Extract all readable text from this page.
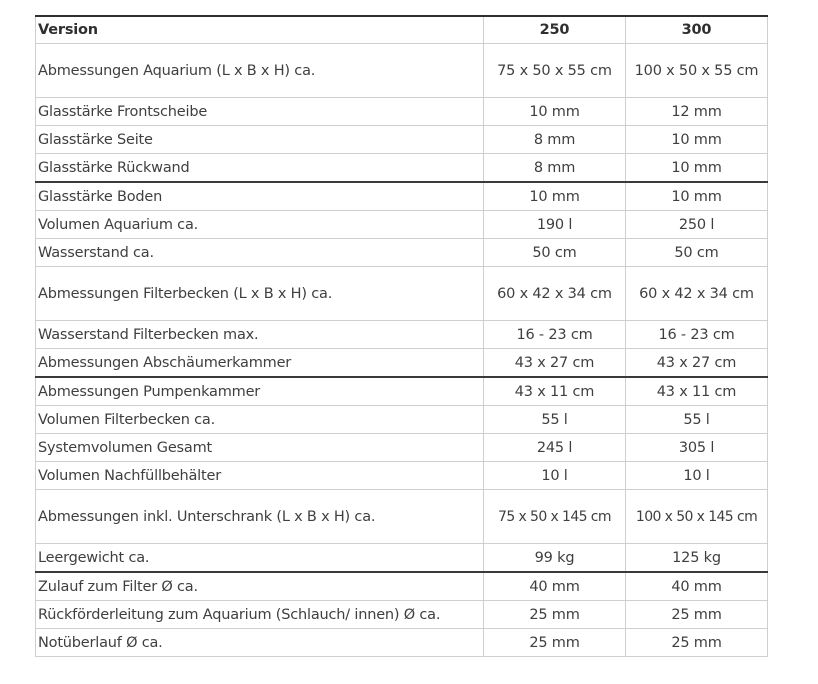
Version	250	300
Abmessungen Aquarium (L x B x H) ca.	75 x 50 x 55 cm	100 x 50 x 55 cm
Glasstärke Frontscheibe	10 mm	12 mm
Glasstärke Seite	8 mm	10 mm
Glasstärke Rückwand	8 mm	10 mm
Glasstärke Boden	10 mm	10 mm
Volumen Aquarium ca.	190 l	250 l
Wasserstand ca.	50 cm	50 cm
Abmessungen Filterbecken (L x B x H) ca.	60 x 42 x 34 cm	60 x 42 x 34 cm
Wasserstand Filterbecken max.	16 - 23 cm	16 - 23 cm
Abmessungen Abschäumerkammer	43 x 27 cm	43 x 27 cm
Abmessungen Pumpenkammer	43 x 11 cm	43 x 11 cm
Volumen Filterbecken ca.	55 l	55 l
Systemvolumen Gesamt	245 l	305 l
Volumen Nachfüllbehälter	10 l	10 l
Abmessungen inkl. Unterschrank (L x B x H) ca.	75 x 50 x 145 cm	100 x 50 x 145 cm
Leergewicht ca.	99 kg	125 kg
Zulauf zum Filter Ø ca.	40 mm	40 mm
Rückförderleitung zum Aquarium (Schlauch/ innen) Ø ca.	25 mm	25 mm
Notüberlauf Ø ca.	25 mm	25 mm
